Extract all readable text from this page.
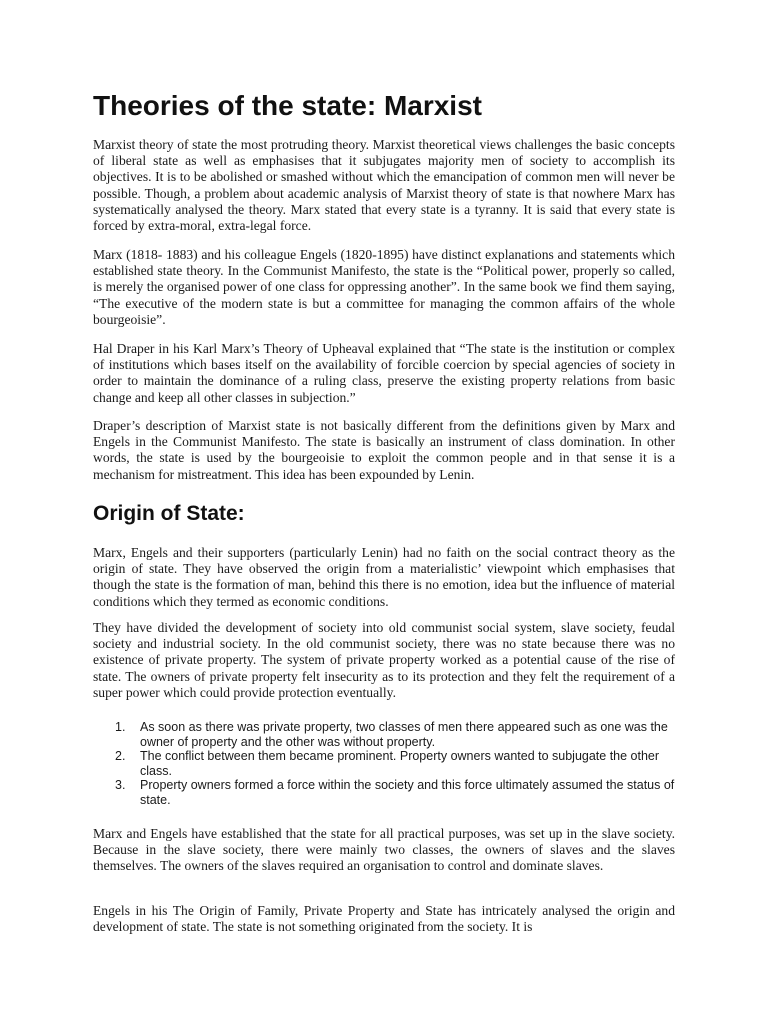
Theories of the state: Marxist

Marxist theory of state the most protruding theory. Marxist theoretical views challenges the basic concepts of liberal state as well as emphasises that it subjugates majority men of society to accomplish its objectives. It is to be abolished or smashed without which the emancipation of common men will never be possible. Though, a problem about academic analysis of Marxist theory of state is that nowhere Marx has systematically analysed the theory. Marx stated that every state is a tyranny. It is said that every state is forced by extra-moral, extra-legal force.

Marx (1818- 1883) and his colleague Engels (1820-1895) have distinct explanations and statements which established state theory. In the Communist Manifesto, the state is the “Political power, properly so called, is merely the organised power of one class for oppressing another”. In the same book we find them saying, “The executive of the modern state is but a committee for managing the common affairs of the whole bourgeoisie”.

Hal Draper in his Karl Marx’s Theory of Upheaval explained that “The state is the institution or complex of institutions which bases itself on the availability of forcible coercion by special agencies of society in order to maintain the dominance of a ruling class, preserve the existing property relations from basic change and keep all other classes in subjection.”

Draper’s description of Marxist state is not basically different from the definitions given by Marx and Engels in the Communist Manifesto. The state is basically an instrument of class domination. In other words, the state is used by the bourgeoisie to exploit the common people and in that sense it is a mechanism for mistreatment. This idea has been expounded by Lenin.

Origin of State:

Marx, Engels and their supporters (particularly Lenin) had no faith on the social contract theory as the origin of state. They have observed the origin from a materialistic’ viewpoint which emphasises that though the state is the formation of man, behind this there is no emotion, idea but the influence of material conditions which they termed as economic conditions.

They have divided the development of society into old communist social system, slave society, feudal society and industrial society. In the old communist society, there was no state because there was no existence of private property. The system of private property worked as a potential cause of the rise of state. The owners of private property felt insecurity as to its protection and they felt the requirement of a super power which could provide protection eventually.

1. As soon as there was private property, two classes of men there appeared such as one was the owner of property and the other was without property.
2. The conflict between them became prominent. Property owners wanted to subjugate the other class.
3. Property owners formed a force within the society and this force ultimately assumed the status of state.

Marx and Engels have established that the state for all practical purposes, was set up in the slave society. Because in the slave society, there were mainly two classes, the owners of slaves and the slaves themselves. The owners of the slaves required an organisation to control and dominate slaves.

Engels in his The Origin of Family, Private Property and State has intricately analysed the origin and development of state. The state is not something originated from the society. It is
